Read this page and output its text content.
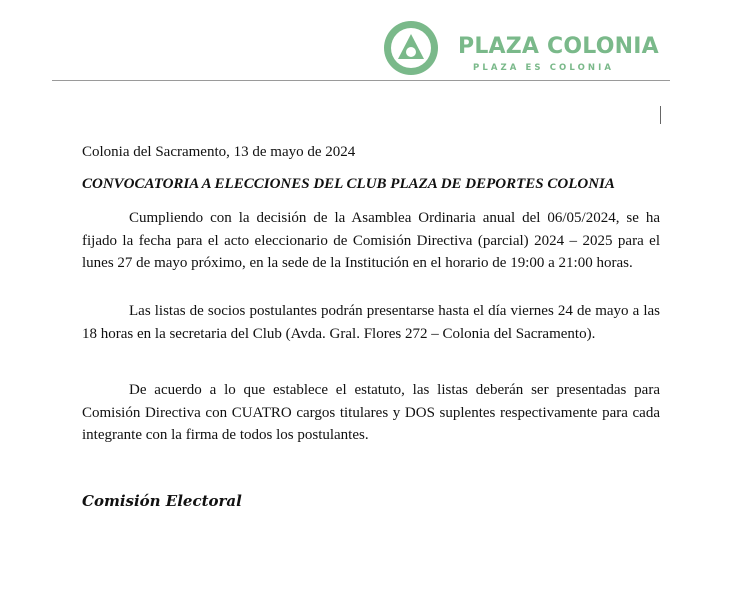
PLAZA COLONIA
PLAZA ES COLONIA
Colonia del Sacramento, 13 de mayo de 2024
CONVOCATORIA A ELECCIONES DEL CLUB PLAZA DE DEPORTES COLONIA

Cumpliendo con la decisión de la Asamblea Ordinaria anual del 06/05/2024, se ha fijado la fecha para el acto eleccionario de Comisión Directiva (parcial) 2024 – 2025 para el lunes 27 de mayo próximo, en la sede de la Institución en el horario de 19:00 a 21:00 horas.

Las listas de socios postulantes podrán presentarse hasta el día viernes 24 de mayo a las 18 horas en la secretaria del Club (Avda. Gral. Flores 272 – Colonia del Sacramento).

De acuerdo a lo que establece el estatuto, las listas deberán ser presentadas para Comisión Directiva con CUATRO cargos titulares y DOS suplentes respectivamente para cada integrante con la firma de todos los postulantes.

Comisión Electoral
